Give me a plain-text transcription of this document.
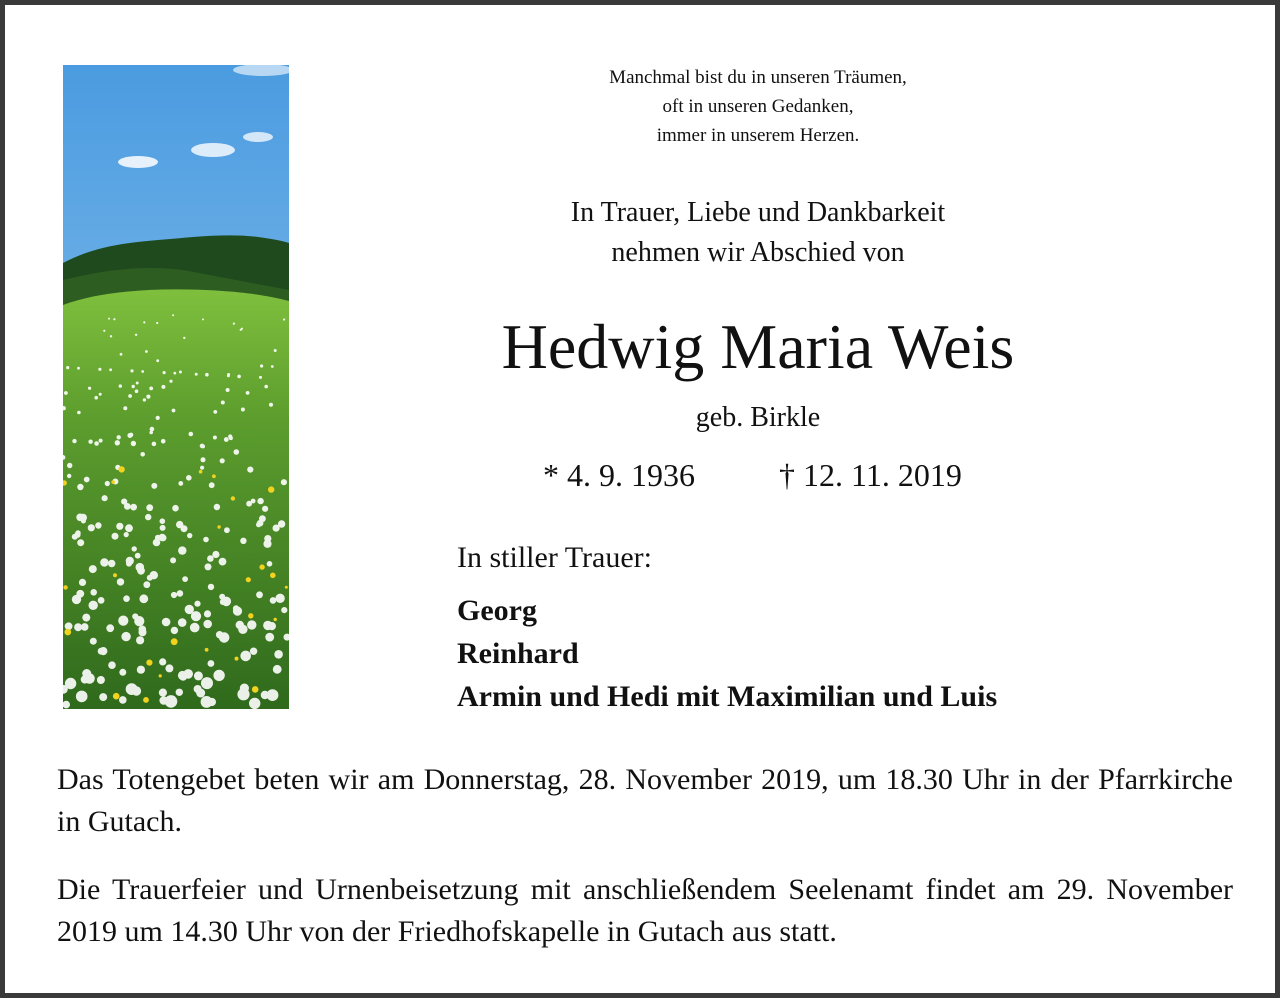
Manchmal bist du in unseren Träumen,
oft in unseren Gedanken,
immer in unserem Herzen.
In Trauer, Liebe und Dankbarkeit
nehmen wir Abschied von
Hedwig Maria Weis
geb. Birkle
* 4. 9. 1936	† 12. 11. 2019
In stiller Trauer:
Georg
Reinhard
Armin und Hedi mit Maximilian und Luis
Das Totengebet beten wir am Donnerstag, 28. November 2019, um 18.30 Uhr in der Pfarrkirche in Gutach.
Die Trauerfeier und Urnenbeisetzung mit anschließendem Seelenamt findet am 29. November 2019 um 14.30 Uhr von der Friedhofskapelle in Gutach aus statt.
